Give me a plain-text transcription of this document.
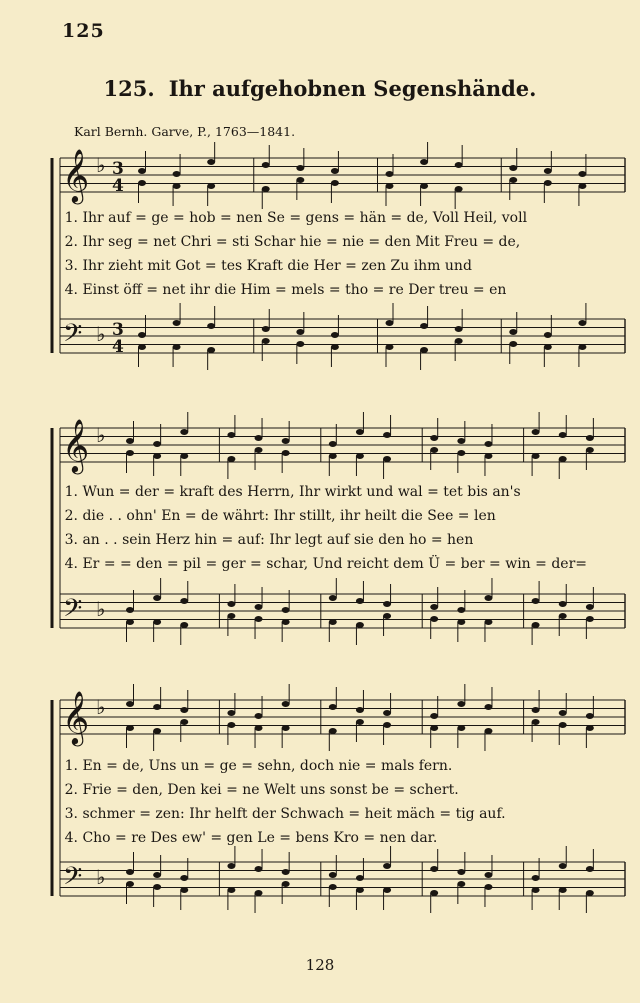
125
125. Ihr aufgehobnen Segenshände.
Karl Bernh. Garve, P., 1763—1841.
𝄞 ♭ 3
4
𝄢 ♭ 3
4
𝄞 ♭
𝄢 ♭
𝄞 ♭
𝄢 ♭
1. Ihr auf = ge = hob = nen Se = gens = hän = de, Voll Heil, voll
2. Ihr seg = net Chri = sti Schar hie = nie = den Mit Freu = de,
3. Ihr zieht mit Got = tes Kraft die Her = zen Zu ihm und
4. Einst öff = net ihr die Him = mels = tho = re Der treu = en
1. Wun = der = kraft des Herrn, Ihr wirkt und wal = tet bis an's
2. die . . ohn' En = de währt: Ihr stillt, ihr heilt die See = len
3. an . . sein Herz hin = auf: Ihr legt auf sie den ho = hen
4. Er = = den = pil = ger = schar, Und reicht dem Ü = ber = win = der=
1. En = de, Uns un = ge = sehn, doch nie = mals fern.
2. Frie = den, Den kei = ne Welt uns sonst be = schert.
3. schmer = zen: Ihr helft der Schwach = heit mäch = tig auf.
4. Cho = re Des ew' = gen Le = bens Kro = nen dar.
128
